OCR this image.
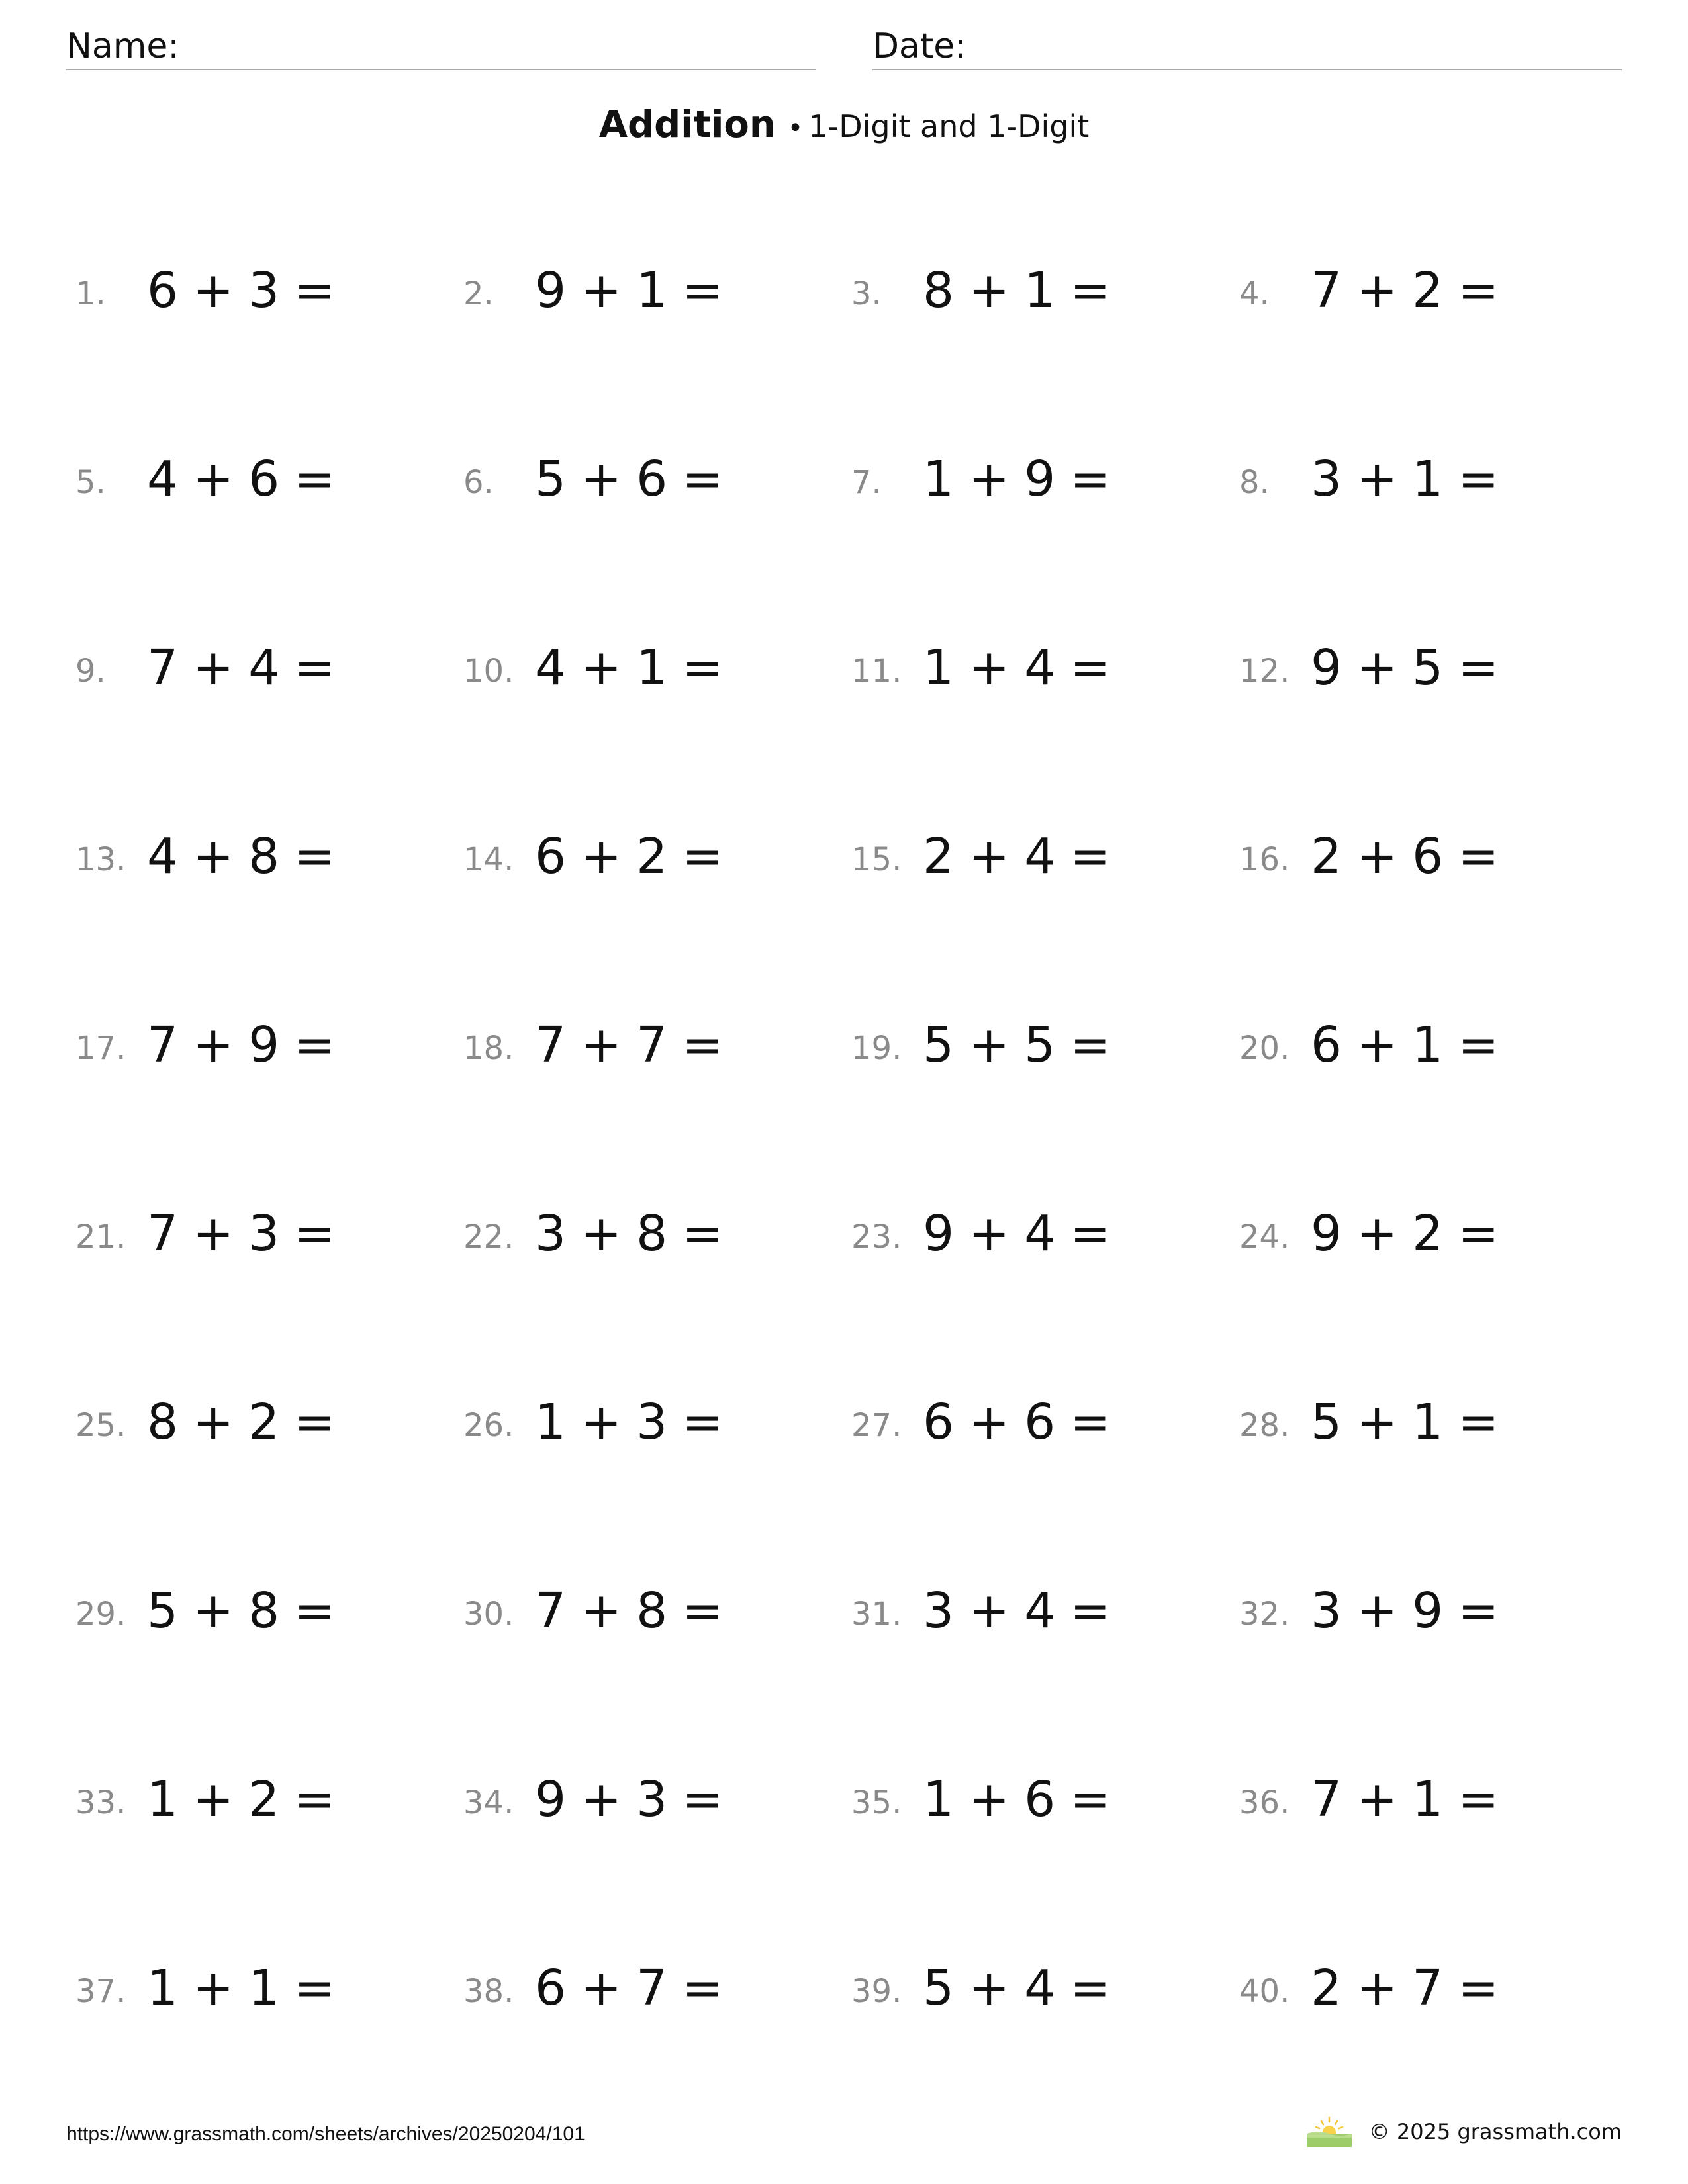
Name:	Date:
Addition • 1-Digit and 1-Digit
1. 6 + 3 =	2. 9 + 1 =	3. 8 + 1 =	4. 7 + 2 =
5. 4 + 6 =	6. 5 + 6 =	7. 1 + 9 =	8. 3 + 1 =
9. 7 + 4 =	10. 4 + 1 =	11. 1 + 4 =	12. 9 + 5 =
13. 4 + 8 =	14. 6 + 2 =	15. 2 + 4 =	16. 2 + 6 =
17. 7 + 9 =	18. 7 + 7 =	19. 5 + 5 =	20. 6 + 1 =
21. 7 + 3 =	22. 3 + 8 =	23. 9 + 4 =	24. 9 + 2 =
25. 8 + 2 =	26. 1 + 3 =	27. 6 + 6 =	28. 5 + 1 =
29. 5 + 8 =	30. 7 + 8 =	31. 3 + 4 =	32. 3 + 9 =
33. 1 + 2 =	34. 9 + 3 =	35. 1 + 6 =	36. 7 + 1 =
37. 1 + 1 =	38. 6 + 7 =	39. 5 + 4 =	40. 2 + 7 =
https://www.grassmath.com/sheets/archives/20250204/101	© 2025 grassmath.com
